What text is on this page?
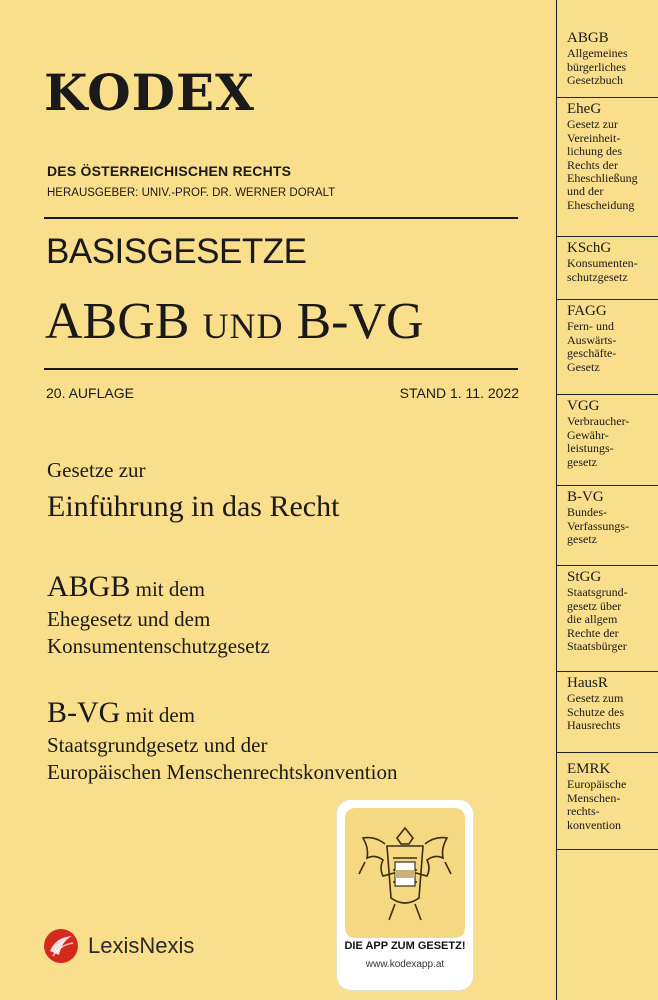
KODEX
DES ÖSTERREICHISCHEN RECHTS
HERAUSGEBER: UNIV.-PROF. DR. WERNER DORALT
BASISGESETZE
ABGB UND B-VG
20. AUFLAGE	STAND 1. 11. 2022
Gesetze zur
Einführung in das Recht
ABGB mit dem
Ehegesetz und dem
Konsumentenschutzgesetz
B-VG mit dem
Staatsgrundgesetz und der
Europäischen Menschenrechtskonvention
LexisNexis	DIE APP ZUM GESETZ!
www.kodexapp.at
ABGB
Allgemeines
bürgerliches
Gesetzbuch
EheG
Gesetz zur
Vereinheit-
lichung des
Rechts der
Eheschließung
und der
Ehescheidung
KSchG
Konsumenten-
schutzgesetz
FAGG
Fern- und
Auswärts-
geschäfte-
Gesetz
VGG
Verbraucher-
Gewähr-
leistungs-
gesetz
B-VG
Bundes-
Verfassungs-
gesetz
StGG
Staatsgrund-
gesetz über
die allgem
Rechte der
Staatsbürger
HausR
Gesetz zum
Schutze des
Hausrechts
EMRK
Europäische
Menschen-
rechts-
konvention
